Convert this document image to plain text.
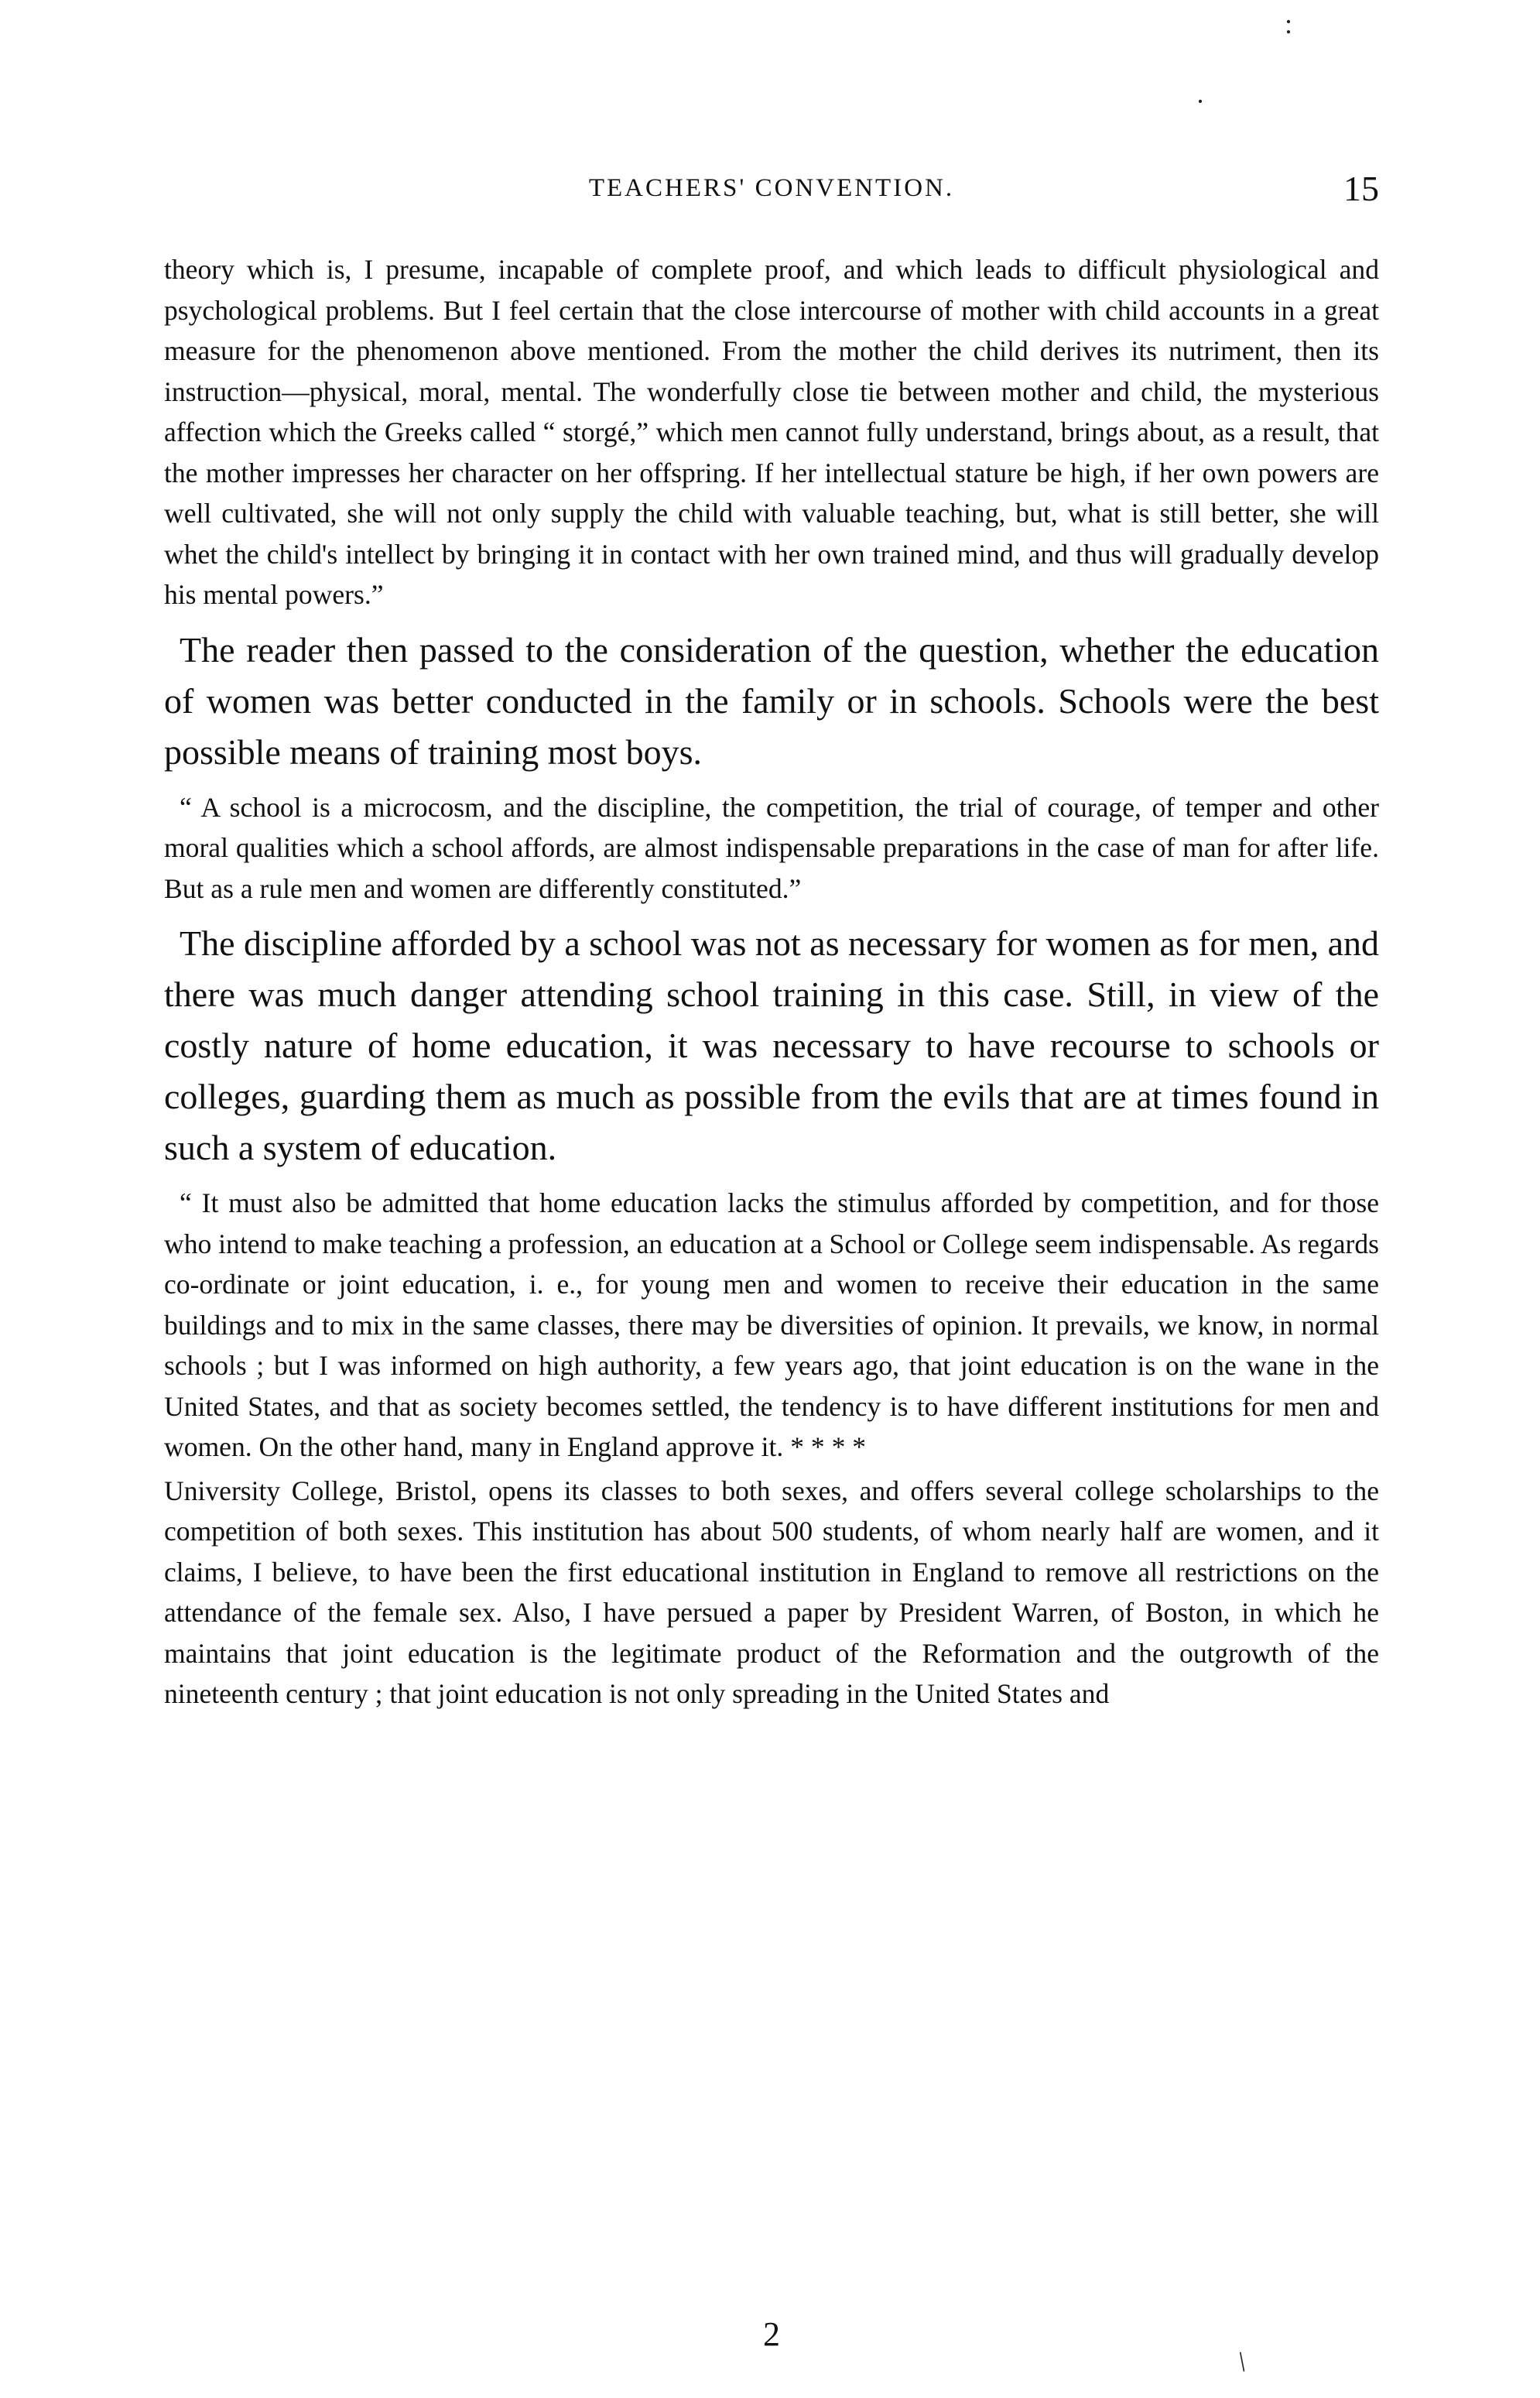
TEACHERS' CONVENTION.	15

theory which is, I presume, incapable of complete proof, and which leads to difficult physiological and psychological problems. But I feel certain that the close intercourse of mother with child accounts in a great measure for the phenomenon above mentioned. From the mother the child derives its nutriment, then its instruction—physical, moral, mental. The wonderfully close tie between mother and child, the mysterious affection which the Greeks called “ storgé,” which men cannot fully understand, brings about, as a result, that the mother impresses her character on her offspring. If her intellectual stature be high, if her own powers are well cultivated, she will not only supply the child with valuable teaching, but, what is still better, she will whet the child's intellect by bringing it in contact with her own trained mind, and thus will gradually develop his mental powers.”

The reader then passed to the consideration of the question, whether the education of women was better conducted in the family or in schools. Schools were the best possible means of training most boys.

“ A school is a microcosm, and the discipline, the competition, the trial of courage, of temper and other moral qualities which a school affords, are almost indispensable preparations in the case of man for after life. But as a rule men and women are differently constituted.”

The discipline afforded by a school was not as necessary for women as for men, and there was much danger attending school training in this case. Still, in view of the costly nature of home education, it was necessary to have recourse to schools or colleges, guarding them as much as possible from the evils that are at times found in such a system of education.

“ It must also be admitted that home education lacks the stimulus afforded by competition, and for those who intend to make teaching a profession, an education at a School or College seem indispensable. As regards co-ordinate or joint education, i. e., for young men and women to receive their education in the same buildings and to mix in the same classes, there may be diversities of opinion. It prevails, we know, in normal schools ; but I was informed on high authority, a few years ago, that joint education is on the wane in the United States, and that as society becomes settled, the tendency is to have different institutions for men and women. On the other hand, many in England approve it. * * * *

University College, Bristol, opens its classes to both sexes, and offers several college scholarships to the competition of both sexes. This institution has about 500 students, of whom nearly half are women, and it claims, I believe, to have been the first educational institution in England to remove all restrictions on the attendance of the female sex. Also, I have persued a paper by President Warren, of Boston, in which he maintains that joint education is the legitimate product of the Reformation and the outgrowth of the nineteenth century ; that joint education is not only spreading in the United States and

2
:
·
/
